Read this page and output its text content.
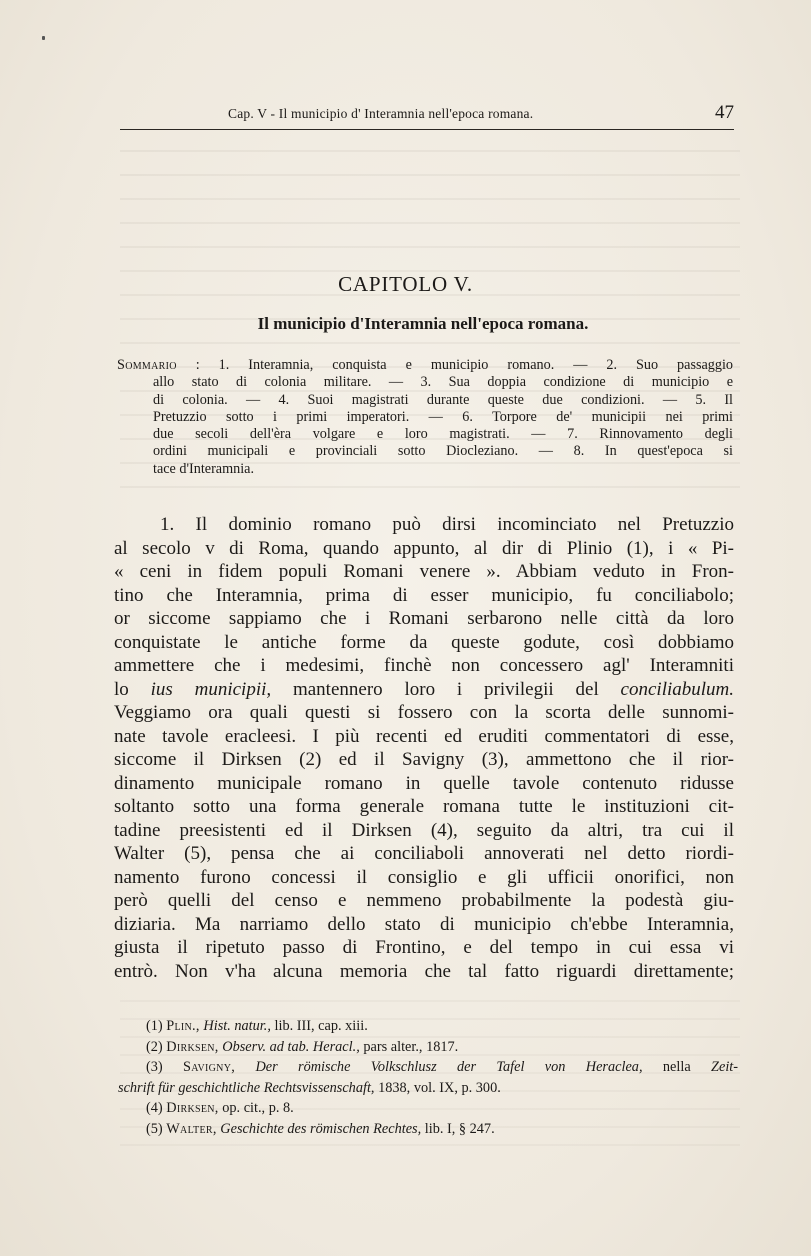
Cap. V - Il municipio d' Interamnia nell'epoca romana.	47
CAPITOLO V.
Il municipio d'Interamnia nell'epoca romana.
Sommario : 1. Interamnia, conquista e municipio romano. — 2. Suo passaggio
allo stato di colonia militare. — 3. Sua doppia condizione di municipio e
di colonia. — 4. Suoi magistrati durante queste due condizioni. — 5. Il
Pretuzzio sotto i primi imperatori. — 6. Torpore de' municipii nei primi
due secoli dell'èra volgare e loro magistrati. — 7. Rinnovamento degli
ordini municipali e provinciali sotto Diocleziano. — 8. In quest'epoca si
tace d'Interamnia.
1. Il dominio romano può dirsi incominciato nel Pretuzzio
al secolo v di Roma, quando appunto, al dir di Plinio (1), i « Pi-
« ceni in fidem populi Romani venere ». Abbiam veduto in Fron-
tino che Interamnia, prima di esser municipio, fu conciliabolo;
or siccome sappiamo che i Romani serbarono nelle città da loro
conquistate le antiche forme da queste godute, così dobbiamo
ammettere che i medesimi, finchè non concessero agl' Interamniti
lo ius municipii, mantennero loro i privilegii del conciliabulum.
Veggiamo ora quali questi si fossero con la scorta delle sunnomi-
nate tavole eracleesi. I più recenti ed eruditi commentatori di esse,
siccome il Dirksen (2) ed il Savigny (3), ammettono che il rior-
dinamento municipale romano in quelle tavole contenuto ridusse
soltanto sotto una forma generale romana tutte le instituzioni cit-
tadine preesistenti ed il Dirksen (4), seguito da altri, tra cui il
Walter (5), pensa che ai conciliaboli annoverati nel detto riordi-
namento furono concessi il consiglio e gli ufficii onorifici, non
però quelli del censo e nemmeno probabilmente la podestà giu-
diziaria. Ma narriamo dello stato di municipio ch'ebbe Interamnia,
giusta il ripetuto passo di Frontino, e del tempo in cui essa vi
entrò. Non v'ha alcuna memoria che tal fatto riguardi direttamente;
(1) Plin., Hist. natur., lib. III, cap. xiii.
(2) Dirksen, Observ. ad tab. Heracl., pars alter., 1817.
(3) Savigny, Der römische Volkschlusz der Tafel von Heraclea, nella Zeit-
schrift für geschichtliche Rechtsvissenschaft, 1838, vol. IX, p. 300.
(4) Dirksen, op. cit., p. 8.
(5) Walter, Geschichte des römischen Rechtes, lib. I, § 247.
